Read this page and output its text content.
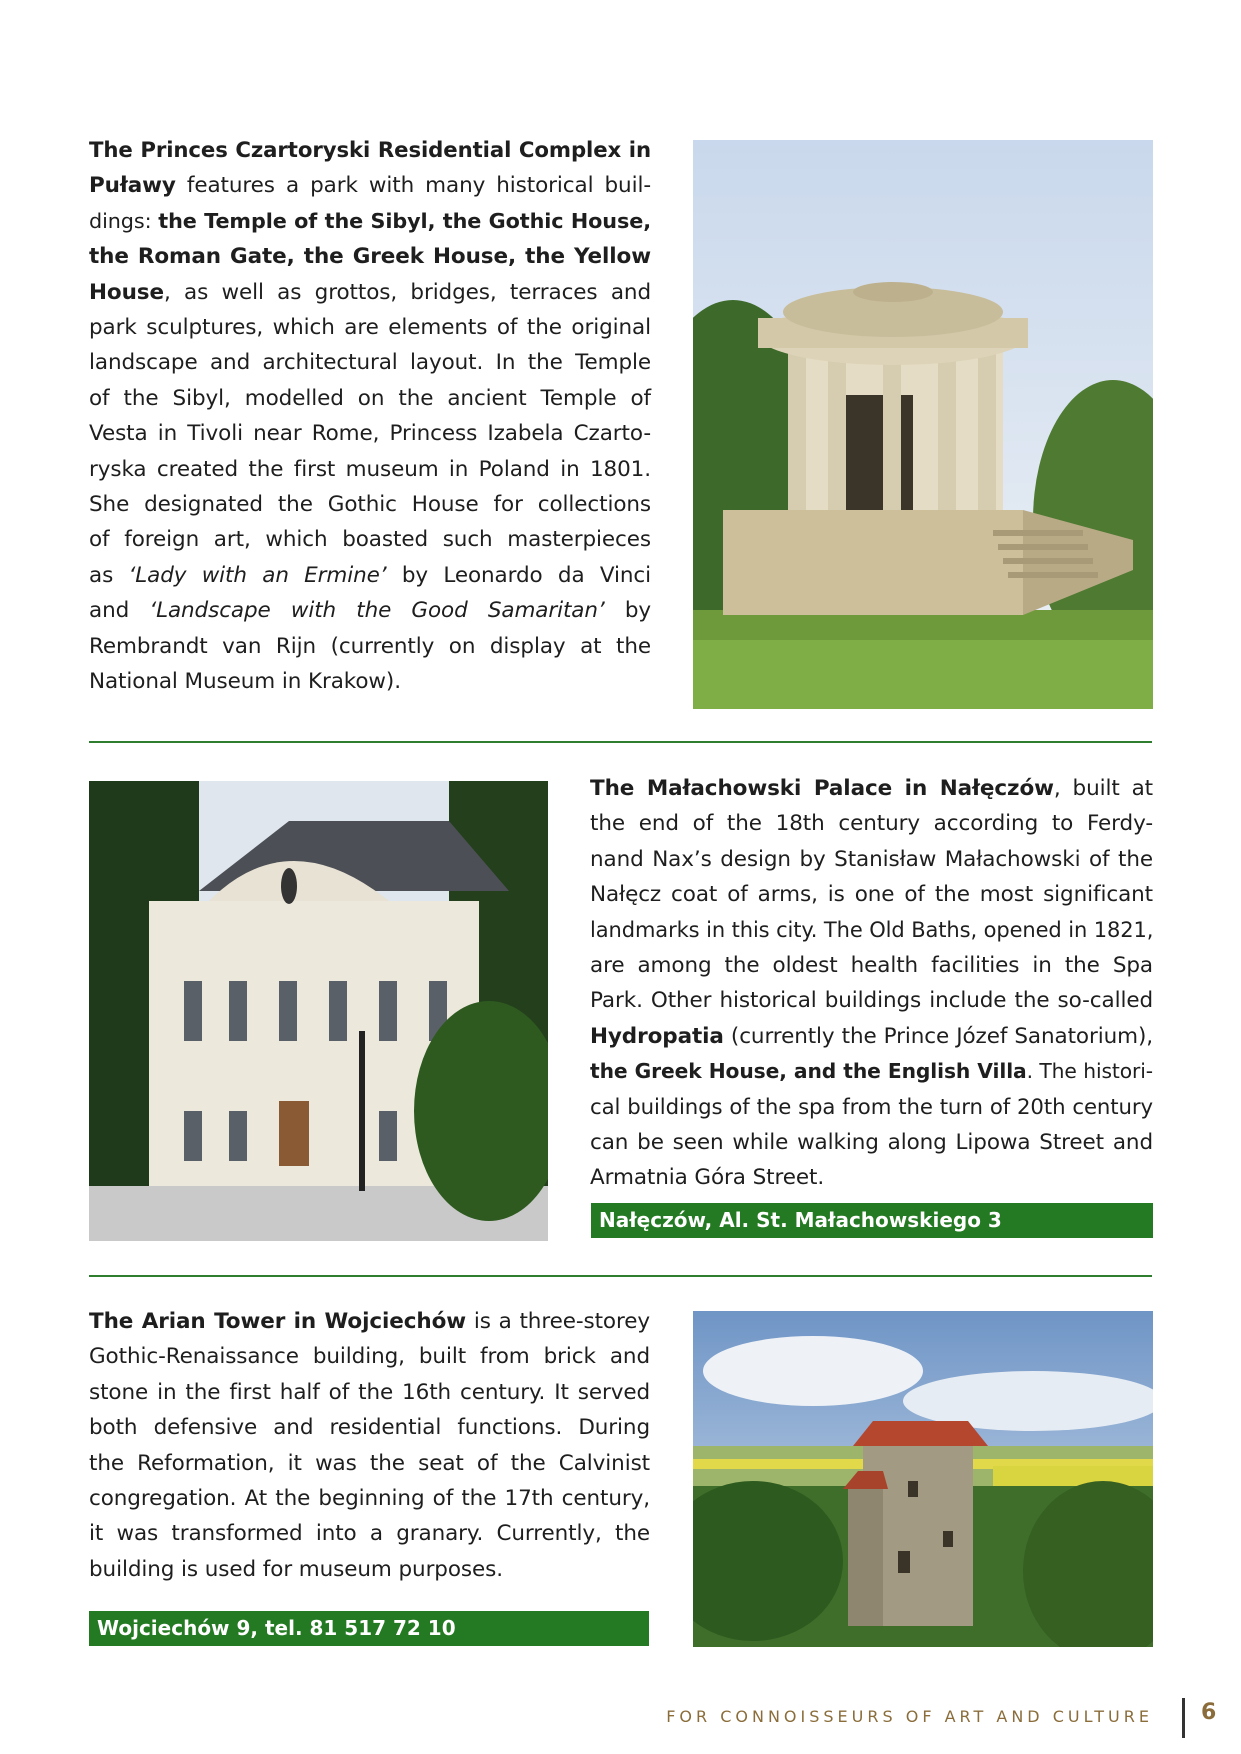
The Princes Czartoryski Residential Complex in
Puławy features a park with many historical buil-
dings: the Temple of the Sibyl, the Gothic House,
the Roman Gate, the Greek House, the Yellow
House, as well as grottos, bridges, terraces and
park sculptures, which are elements of the original
landscape and architectural layout. In the Temple
of the Sibyl, modelled on the ancient Temple of
Vesta in Tivoli near Rome, Princess Izabela Czarto-
ryska created the first museum in Poland in 1801.
She designated the Gothic House for collections
of foreign art, which boasted such masterpieces
as ‘Lady with an Ermine’ by Leonardo da Vinci
and ‘Landscape with the Good Samaritan’ by
Rembrandt van Rijn (currently on display at the
National Museum in Krakow).
The Małachowski Palace in Nałęczów, built at
the end of the 18th century according to Ferdy-
nand Nax’s design by Stanisław Małachowski of the
Nałęcz coat of arms, is one of the most significant
landmarks in this city. The Old Baths, opened in 1821,
are among the oldest health facilities in the Spa
Park. Other historical buildings include the so-called
Hydropatia (currently the Prince Józef Sanatorium),
the Greek House, and the English Villa. The histori-
cal buildings of the spa from the turn of 20th century
can be seen while walking along Lipowa Street and
Armatnia Góra Street.
Nałęczów, Al. St. Małachowskiego 3
The Arian Tower in Wojciechów is a three-storey
Gothic-Renaissance building, built from brick and
stone in the first half of the 16th century. It served
both defensive and residential functions. During
the Reformation, it was the seat of the Calvinist
congregation. At the beginning of the 17th century,
it was transformed into a granary. Currently, the
building is used for museum purposes.
Wojciechów 9, tel. 81 517 72 10
FOR CONNOISSEURS OF ART AND CULTURE 6
